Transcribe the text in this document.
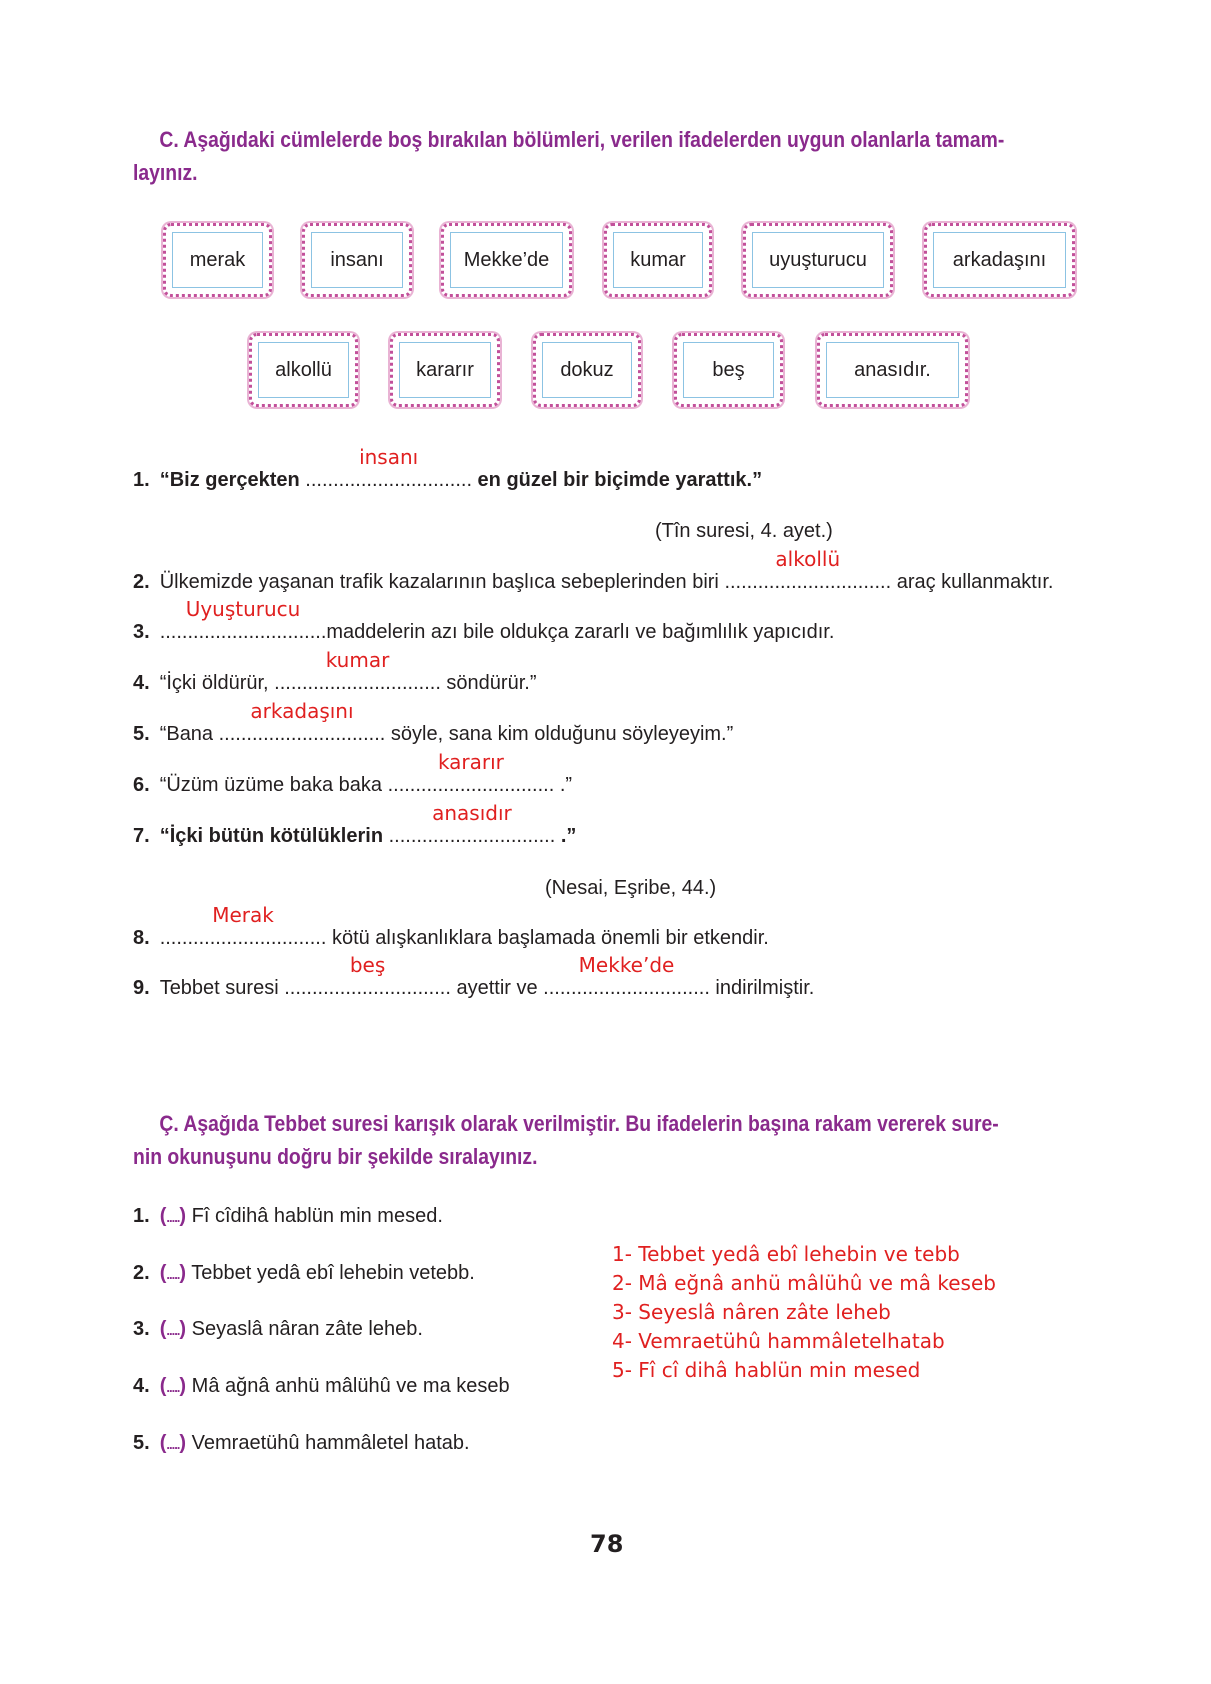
C. Aşağıdaki cümlelerde boş bırakılan bölümleri, verilen ifadelerden uygun olanlarla tamam-
layınız.
merak	insanı	Mekke’de	kumar	uyuşturucu	arkadaşını
alkollü	kararır	dokuz	beş	anasıdır.
1. “Biz gerçekten ..............................
insanı
en güzel bir biçimde yarattık.”
(Tîn suresi, 4. ayet.)
2. Ülkemizde yaşanan trafik kazalarının başlıca sebeplerinden biri ..............................
alkollü
araç kullanmaktır.
3. ..............................
Uyuşturucu
maddelerin azı bile oldukça zararlı ve bağımlılık yapıcıdır.
4. “İçki öldürür, ..............................
kumar
söndürür.”
5. “Bana ..............................
arkadaşını
söyle, sana kim olduğunu söyleyeyim.”
6. “Üzüm üzüme baka baka ..............................
kararır
.”
7. “İçki bütün kötülüklerin ..............................
anasıdır
.”
(Nesai, Eşribe, 44.)
8. ..............................
Merak
kötü alışkanlıklara başlamada önemli bir etkendir.
9. Tebbet suresi ..............................
beş
ayettir ve ..............................
Mekke’de
indirilmiştir.
Ç. Aşağıda Tebbet suresi karışık olarak verilmiştir. Bu ifadelerin başına rakam vererek sure-
nin okunuşunu doğru bir şekilde sıralayınız.
1. (.....) Fî cîdihâ hablün min mesed.
2. (.....) Tebbet yedâ ebî lehebin vetebb.
3. (.....) Seyaslâ nâran zâte leheb.
4. (.....) Mâ ağnâ anhü mâlühû ve ma keseb
5. (.....) Vemraetühû hammâletel hatab.
1- Tebbet yedâ ebî lehebin ve tebb
2- Mâ eğnâ anhü mâlühû ve mâ keseb
3- Seyeslâ nâren zâte leheb
4- Vemraetühû hammâletelhatab
5- Fî cî dihâ hablün min mesed
78
